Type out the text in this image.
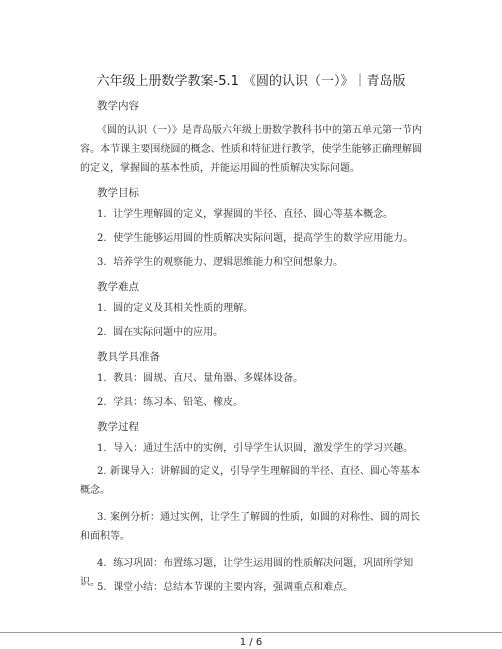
六年级上册数学教案-5.1 《圆的认识（一）》｜青岛版
教学内容
《圆的认识（一）》是青岛版六年级上册数学教科书中的第五单元第一节内容。本节课主要围绕圆的概念、性质和特征进行教学，使学生能够正确理解圆的定义，掌握圆的基本性质，并能运用圆的性质解决实际问题。
教学目标
1. 让学生理解圆的定义，掌握圆的半径、直径、圆心等基本概念。
2. 使学生能够运用圆的性质解决实际问题，提高学生的数学应用能力。
3. 培养学生的观察能力、逻辑思维能力和空间想象力。
教学难点
1. 圆的定义及其相关性质的理解。
2. 圆在实际问题中的应用。
教具学具准备
1. 教具：圆规、直尺、量角器、多媒体设备。
2. 学具：练习本、铅笔、橡皮。
教学过程
1. 导入：通过生活中的实例，引导学生认识圆，激发学生的学习兴趣。
2. 新课导入：讲解圆的定义，引导学生理解圆的半径、直径、圆心等基本概念。
3. 案例分析：通过实例，让学生了解圆的性质，如圆的对称性、圆的周长和面积等。
4. 练习巩固：布置练习题，让学生运用圆的性质解决问题，巩固所学知识。
5. 课堂小结：总结本节课的主要内容，强调重点和难点。
1 / 6
